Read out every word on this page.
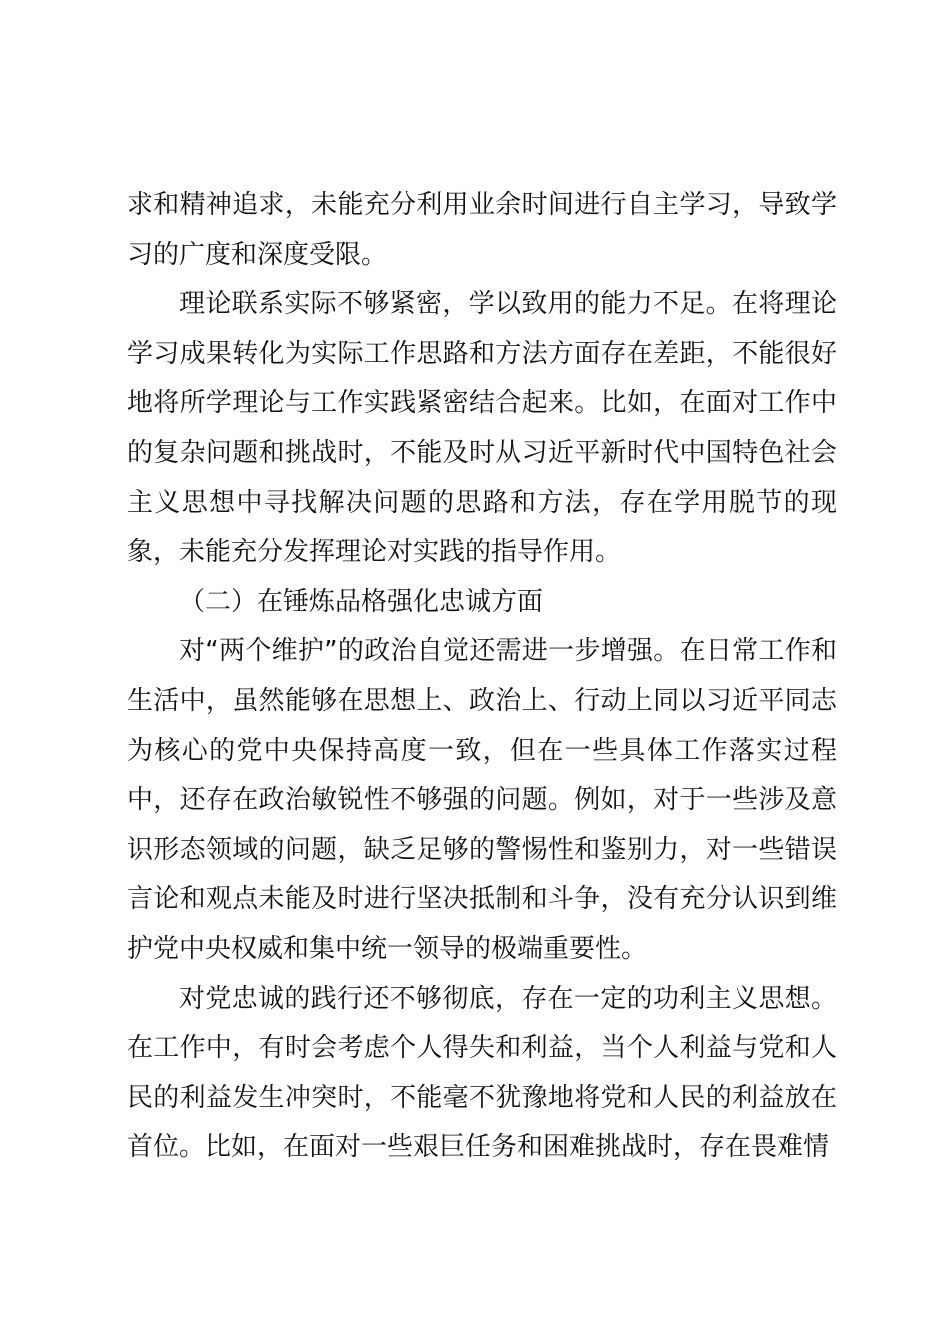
求和精神追求，未能充分利用业余时间进行自主学习，导致学习的广度和深度受限。

理论联系实际不够紧密，学以致用的能力不足。在将理论学习成果转化为实际工作思路和方法方面存在差距，不能很好地将所学理论与工作实践紧密结合起来。比如，在面对工作中的复杂问题和挑战时，不能及时从习近平新时代中国特色社会主义思想中寻找解决问题的思路和方法，存在学用脱节的现象，未能充分发挥理论对实践的指导作用。

（二）在锤炼品格强化忠诚方面

对“两个维护”的政治自觉还需进一步增强。在日常工作和生活中，虽然能够在思想上、政治上、行动上同以习近平同志为核心的党中央保持高度一致，但在一些具体工作落实过程中，还存在政治敏锐性不够强的问题。例如，对于一些涉及意识形态领域的问题，缺乏足够的警惕性和鉴别力，对一些错误言论和观点未能及时进行坚决抵制和斗争，没有充分认识到维护党中央权威和集中统一领导的极端重要性。

对党忠诚的践行还不够彻底，存在一定的功利主义思想。在工作中，有时会考虑个人得失和利益，当个人利益与党和人民的利益发生冲突时，不能毫不犹豫地将党和人民的利益放在首位。比如，在面对一些艰巨任务和困难挑战时，存在畏难情
